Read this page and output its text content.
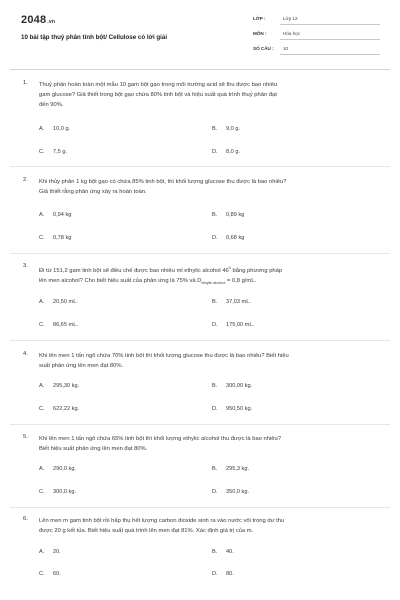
2048.vn
10 bài tập thuỷ phân tinh bột/ Cellulose có lời giải
LỚP :	Lớp 12
MÔN :	Hóa học
SỐ CÂU : 10
1. Thuỷ phân hoàn toàn một mẫu 10 gam bột gạo trong môi trường acid sẽ thu được bao nhiêu
gam glucose? Giả thiết trong bột gạo chứa 80% tinh bột và hiệu suất quá trình thuỷ phân đạt
đến 90%.
A. 10,0 g.	B. 9,0 g.
C. 7,5 g.	D. 8,0 g.
2. Khi thủy phân 1 kg bột gạo có chứa 85% tinh bột, thì khối lượng glucose thu được là bao nhiêu?
Giả thiết rằng phản ứng xảy ra hoàn toàn.
A. 0,94 kg	B. 0,89 kg
C. 0,78 kg	D. 0,68 kg
3.
Đi từ 151,2 gam tinh bột sẽ điều chế được bao nhiêu ml ethylic alcohol $46^0$ bằng phương pháp
lên men alcohol? Cho biết hiệu suất của phản ứng là 75% và $D_{ethylic alcohol} = 0,8$ g/mL.
A. 20,50 mL.	B. 37,03 mL.
C. 86,65 mL.	D. 175,00 mL.
4. Khi lên men 1 tấn ngô chứa 70% tinh bột thì khối lượng glucose thu được là bao nhiêu? Biết hiệu
suất phản ứng lên men đạt 80%.
A. 295,30 kg.	B. 300,00 kg.
C. 622,22 kg.	D. 950,50 kg.
5. Khi lên men 1 tấn ngô chứa 65% tinh bột thì khối lượng ethylic alcohol thu được là bao nhiêu?
Biết hiệu suất phản ứng lên men đạt 80%.
A. 290,0 kg.	B. 295,3 kg.
C. 300,0 kg.	D. 350,0 kg.
6. Lên men m gam tinh bột rồi hấp thụ hết lượng carbon dioxide sinh ra vào nước vôi trong dư thu
được 20 g kết tủa. Biết hiệu suất quá trình lên men đạt 81%. Xác định giá trị của m.
A. 20.	B. 40.
C. 60.	D. 80.
